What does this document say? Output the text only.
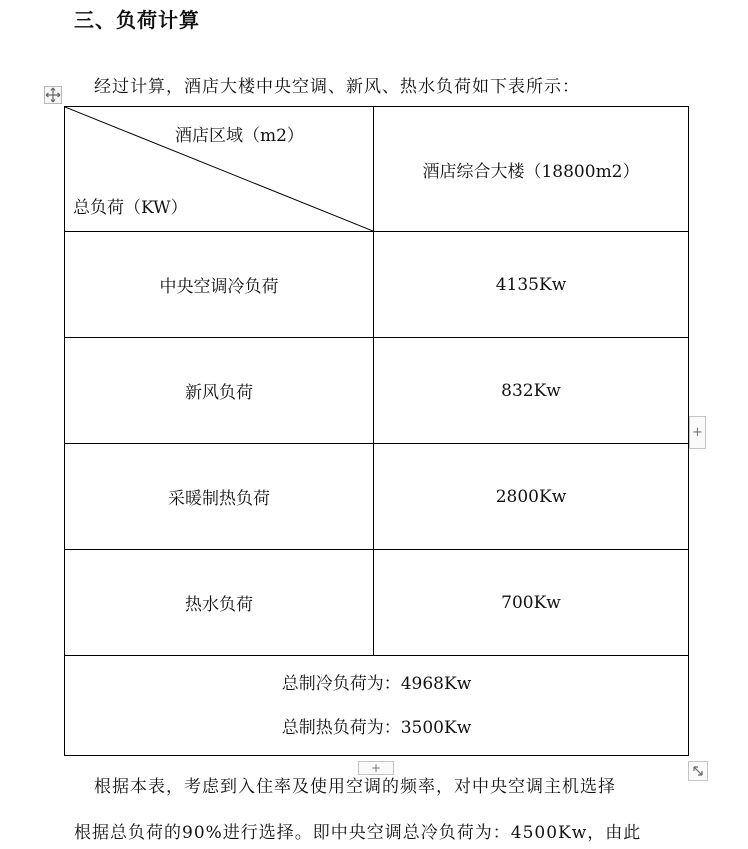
三、负荷计算
经过计算，酒店大楼中央空调、新风、热水负荷如下表所示：
酒店区域（m2）
总负荷（KW）	酒店综合大楼（18800m2）
中央空调冷负荷	4135Kw
新风负荷	832Kw
采暖制热负荷	2800Kw
热水负荷	700Kw

总制冷负荷为：4968Kw
总制热负荷为：3500Kw	
+
+
根据本表，考虑到入住率及使用空调的频率，对中央空调主机选择
根据总负荷的90%进行选择。即中央空调总冷负荷为：4500Kw，由此
